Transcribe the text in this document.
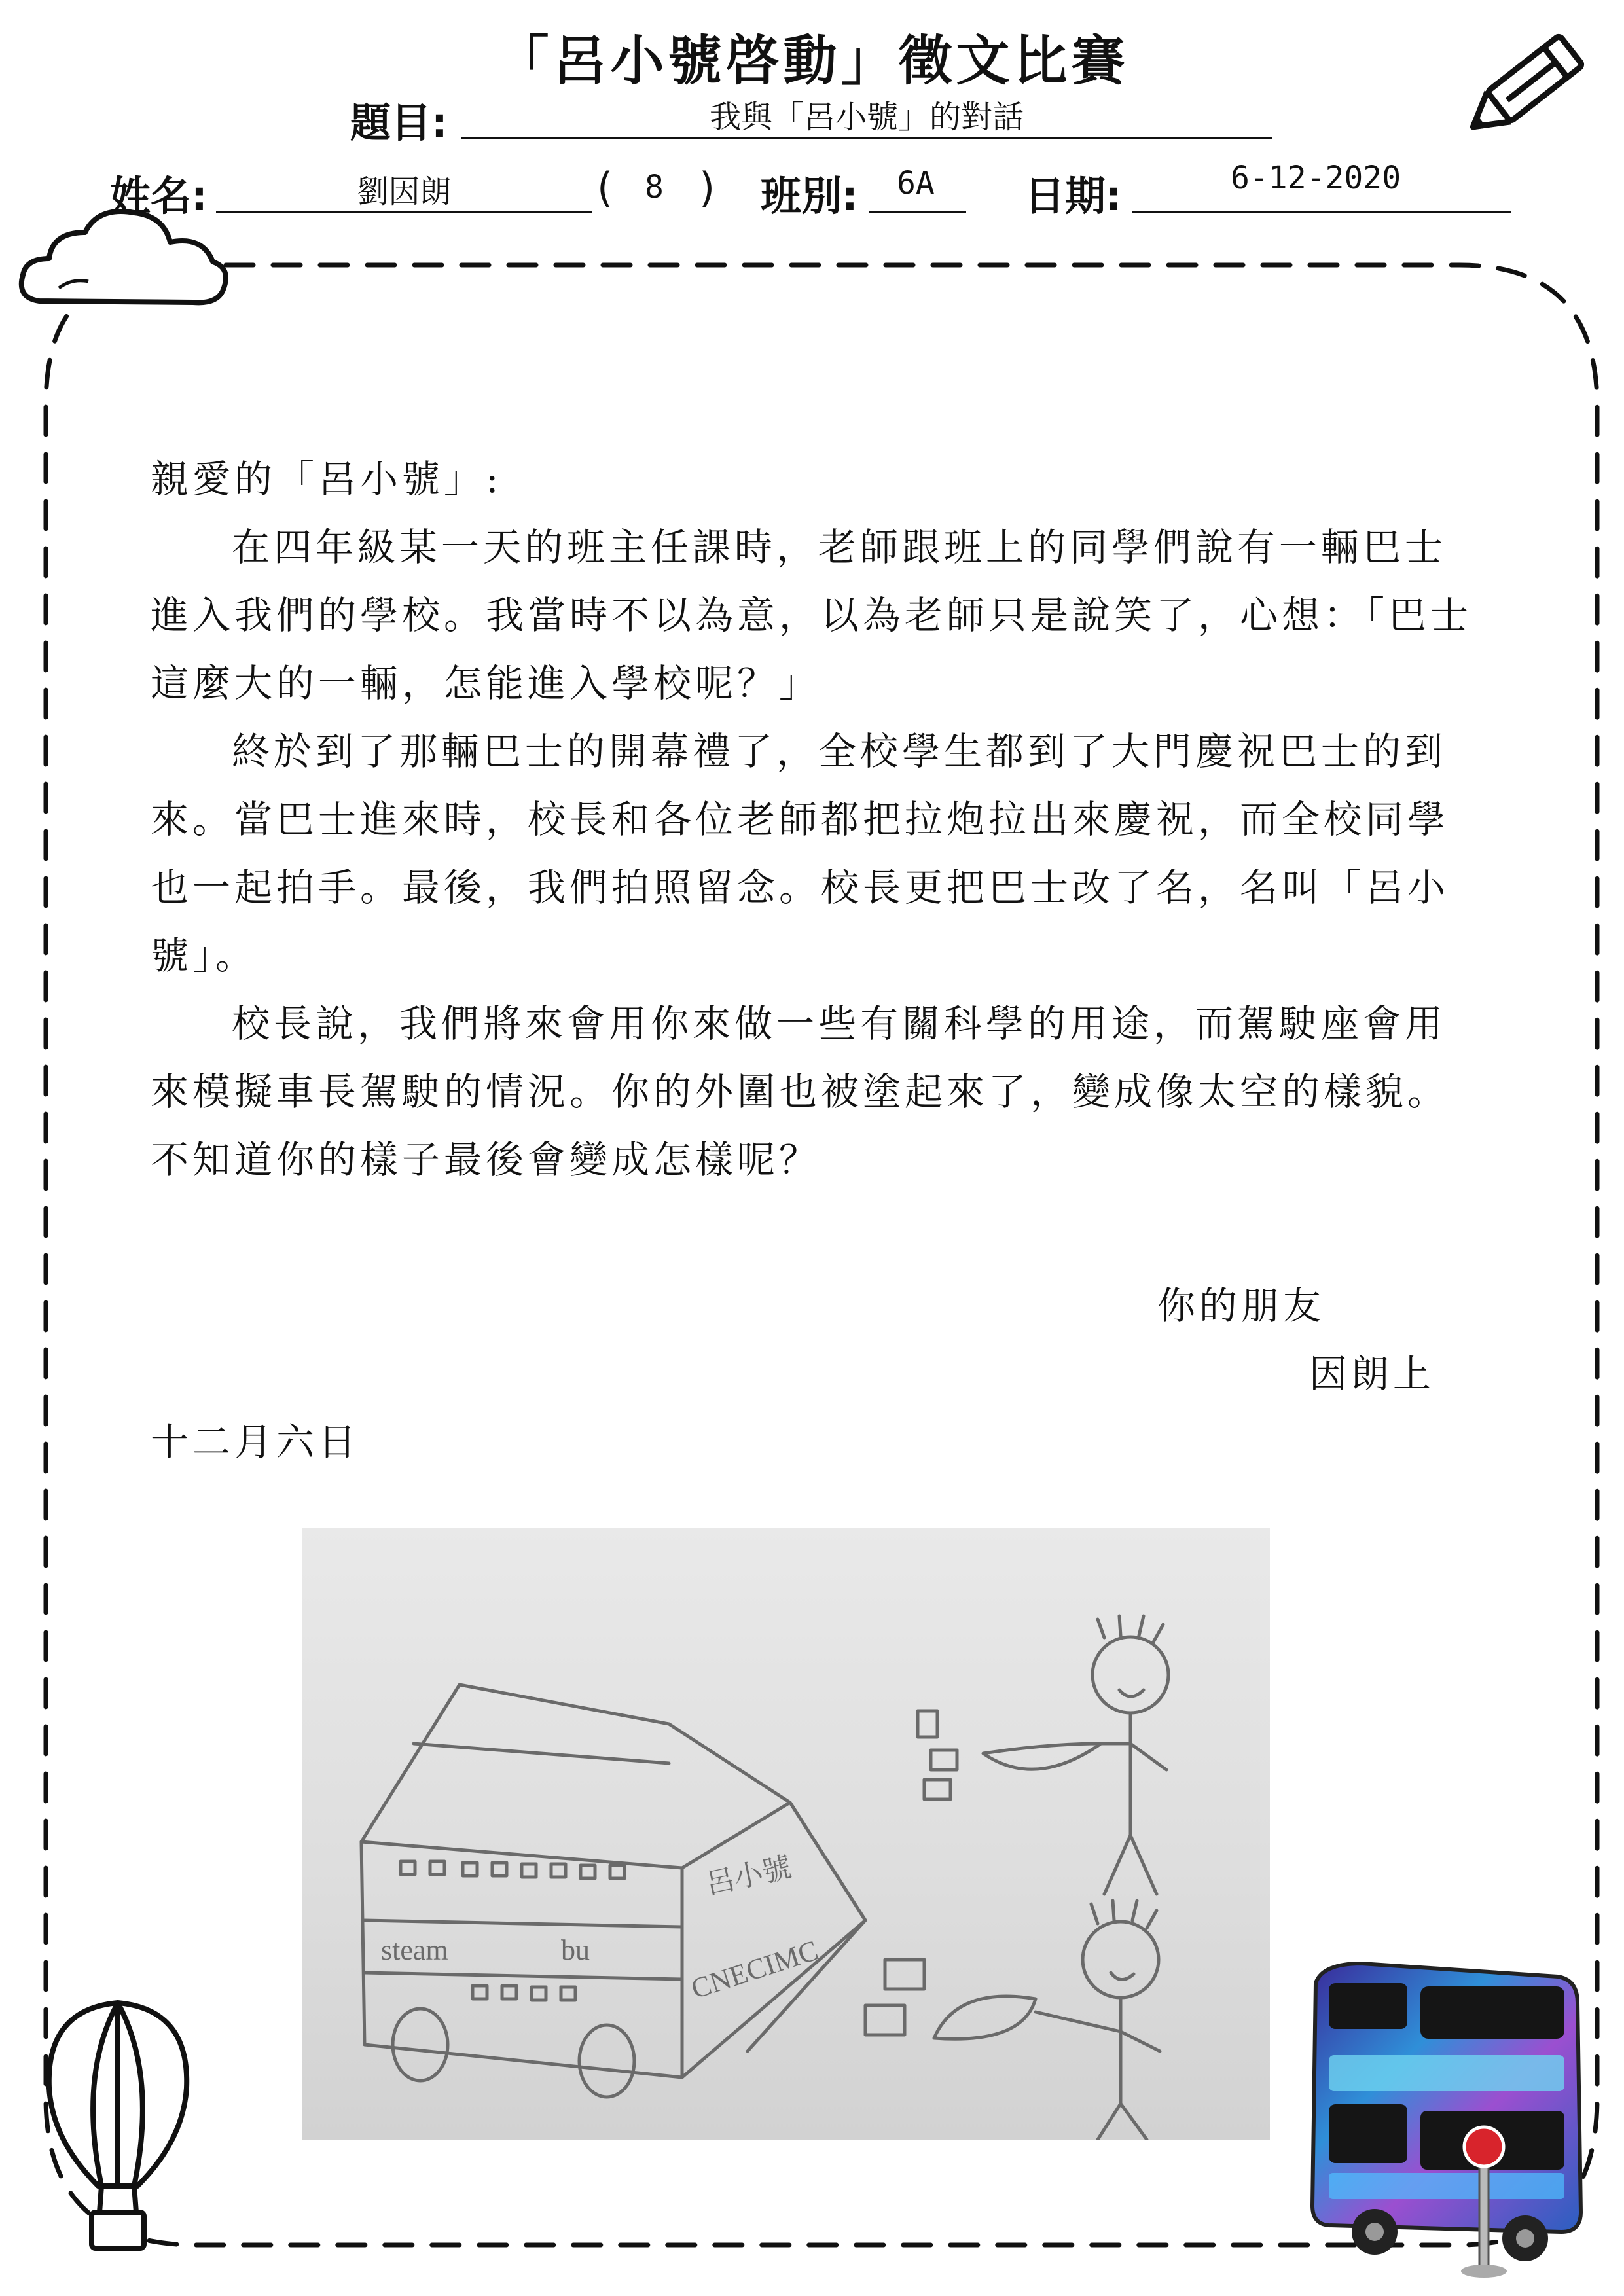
「呂小號啓動」徵文比賽
題目:	我與「呂小號」的對話
姓名:	劉因朗	( 8 ) 班別: 6A 日期:	6-12-2020

親愛的「呂小號」:

在四年級某一天的班主任課時，老師跟班上的同學們說有一輛巴士進入我們的學校。我當時不以為意，以為老師只是說笑了，心想：「巴士這麼大的一輛，怎能進入學校呢？」

終於到了那輛巴士的開幕禮了，全校學生都到了大門慶祝巴士的到來。當巴士進來時，校長和各位老師都把拉炮拉出來慶祝，而全校同學也一起拍手。最後，我們拍照留念。校長更把巴士改了名，名叫「呂小號」。

校長說，我們將來會用你來做一些有關科學的用途，而駕駛座會用來模擬車長駕駛的情況。你的外圍也被塗起來了，變成像太空的樣貌。不知道你的樣子最後會變成怎樣呢？

你的朋友
因朗上
十二月六日
steam	bu
呂小號
CNECIMC
